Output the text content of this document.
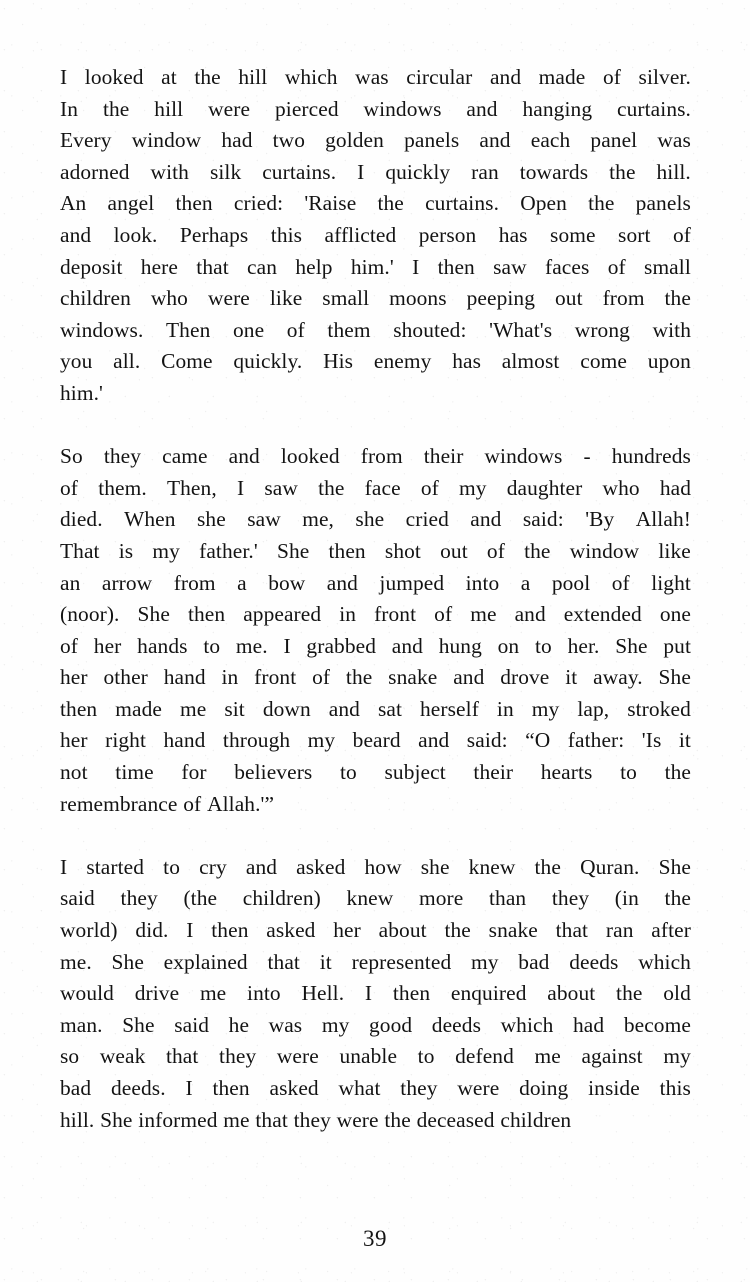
I looked at the hill which was circular and made of silver.
In the hill were pierced windows and hanging curtains.
Every window had two golden panels and each panel was
adorned with silk curtains. I quickly ran towards the hill.
An angel then cried: 'Raise the curtains. Open the panels
and look. Perhaps this afflicted person has some sort of
deposit here that can help him.' I then saw faces of small
children who were like small moons peeping out from the
windows. Then one of them shouted: 'What's wrong with
you all. Come quickly. His enemy has almost come upon
him.'

So they came and looked from their windows - hundreds
of them. Then, I saw the face of my daughter who had
died. When she saw me, she cried and said: 'By Allah!
That is my father.' She then shot out of the window like
an arrow from a bow and jumped into a pool of light
(noor). She then appeared in front of me and extended one
of her hands to me. I grabbed and hung on to her. She put
her other hand in front of the snake and drove it away. She
then made me sit down and sat herself in my lap, stroked
her right hand through my beard and said: “O father: 'Is it
not time for believers to subject their hearts to the
remembrance of Allah.'”

I started to cry and asked how she knew the Quran. She
said they (the children) knew more than they (in the
world) did. I then asked her about the snake that ran after
me. She explained that it represented my bad deeds which
would drive me into Hell. I then enquired about the old
man. She said he was my good deeds which had become
so weak that they were unable to defend me against my
bad deeds. I then asked what they were doing inside this
hill. She informed me that they were the deceased children

39
